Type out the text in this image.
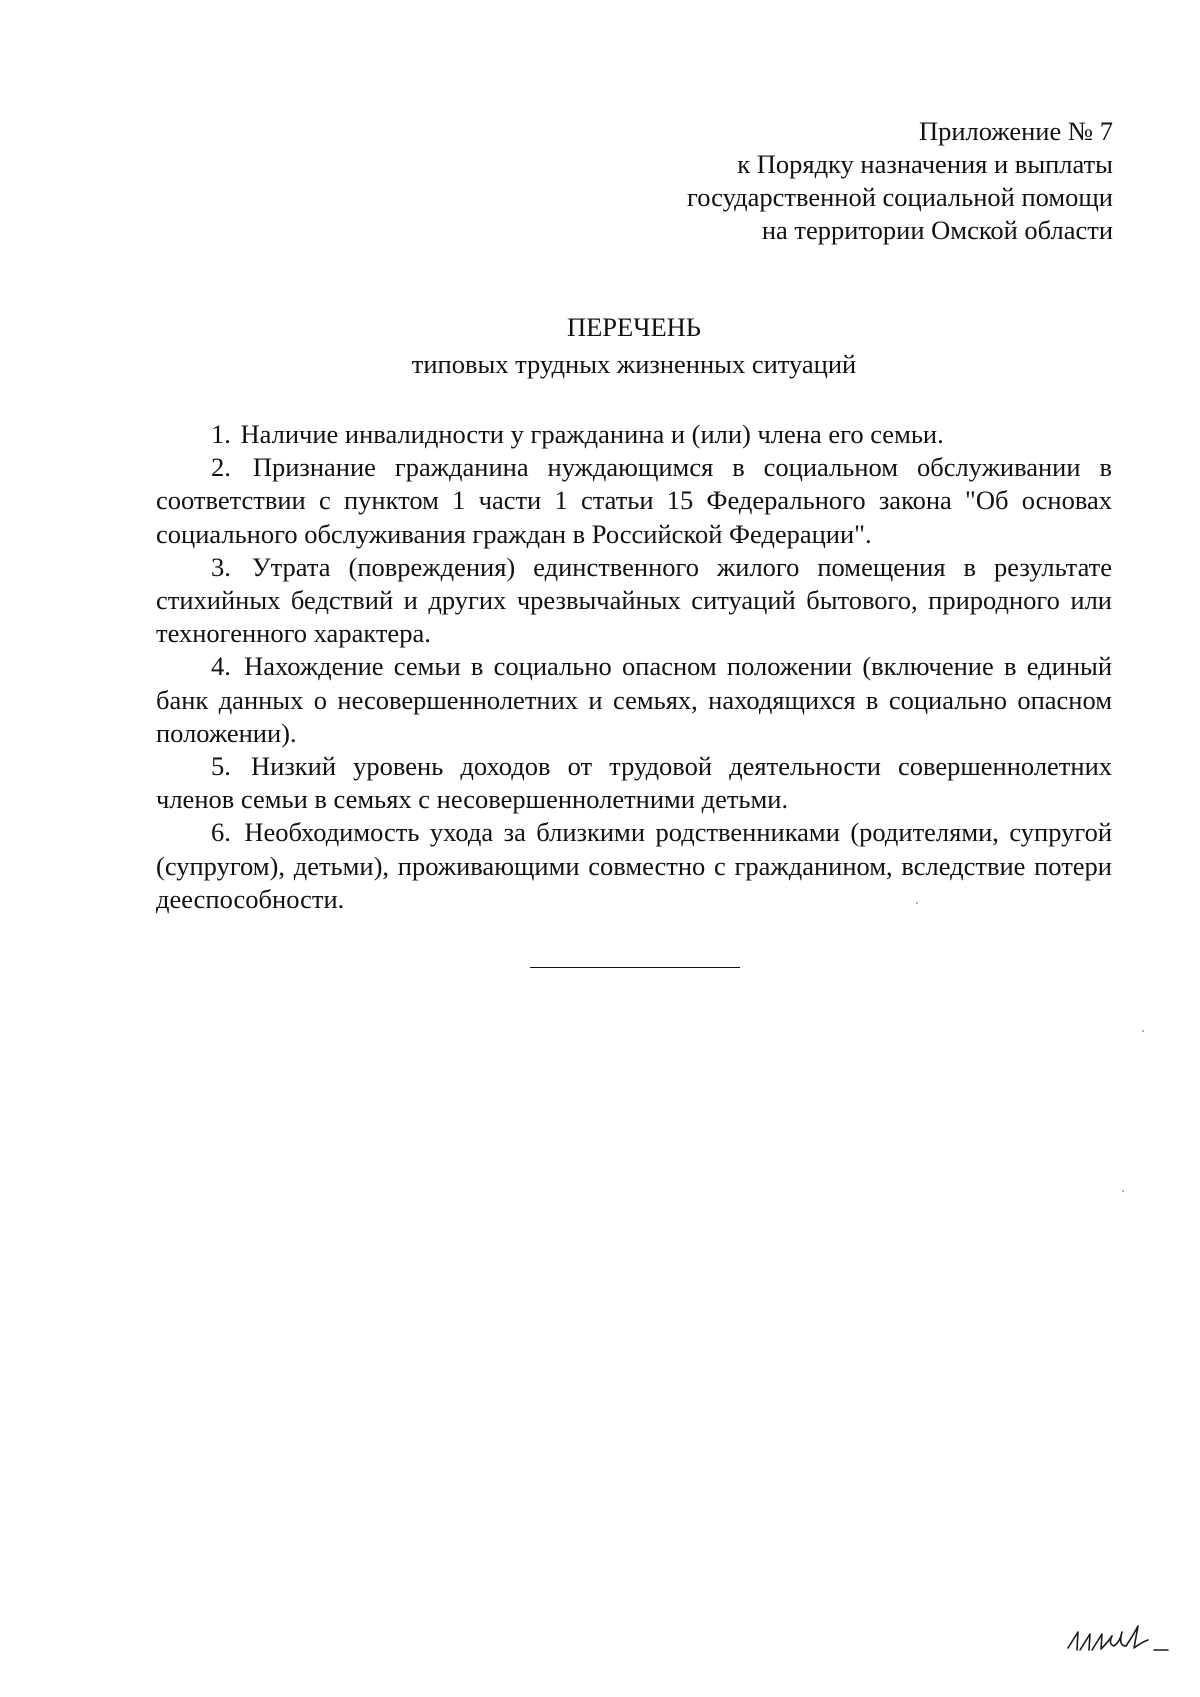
Приложение № 7
к Порядку назначения и выплаты
государственной социальной помощи
на территории Омской области
ПЕРЕЧЕНЬ
типовых трудных жизненных ситуаций

1. Наличие инвалидности у гражданина и (или) члена его семьи.

2. Признание гражданина нуждающимся в социальном обслуживании в соответствии с пунктом 1 части 1 статьи 15 Федерального закона "Об основах социального обслуживания граждан в Российской Федерации".

3. Утрата (повреждения) единственного жилого помещения в результате стихийных бедствий и других чрезвычайных ситуаций бытового, природного или техногенного характера.

4. Нахождение семьи в социально опасном положении (включение в единый банк данных о несовершеннолетних и семьях, находящихся в социально опасном положении).

5. Низкий уровень доходов от трудовой деятельности совершеннолетних членов семьи в семьях с несовершеннолетними детьми.

6. Необходимость ухода за близкими родственниками (родителями, супругой (супругом), детьми), проживающими совместно с гражданином, вследствие потери дееспособности.
